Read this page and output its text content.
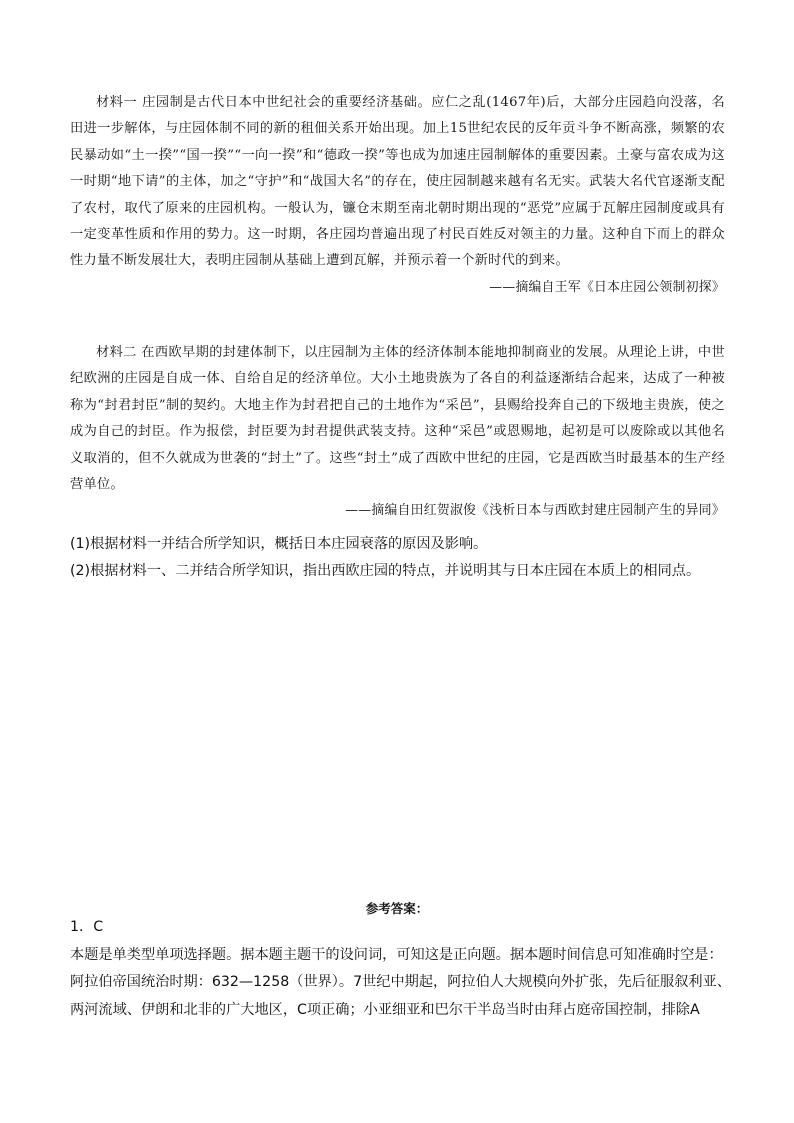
材料一 庄园制是古代日本中世纪社会的重要经济基础。应仁之乱(1467年)后，大部分庄园趋向没落，名田进一步解体，与庄园体制不同的新的租佃关系开始出现。加上15世纪农民的反年贡斗争不断高涨，频繁的农民暴动如“土一揆”“国一揆”“一向一揆”和“德政一揆”等也成为加速庄园制解体的重要因素。土豪与富农成为这一时期“地下请”的主体，加之“守护”和“战国大名”的存在，使庄园制越来越有名无实。武装大名代官逐渐支配了农村，取代了原来的庄园机构。一般认为，镰仓末期至南北朝时期出现的“恶党”应属于瓦解庄园制度或具有一定变革性质和作用的势力。这一时期，各庄园均普遍出现了村民百姓反对领主的力量。这种自下而上的群众性力量不断发展壮大，表明庄园制从基础上遭到瓦解，并预示着一个新时代的到来。

——摘编自王军《日本庄园公领制初探》

材料二 在西欧早期的封建体制下，以庄园制为主体的经济体制本能地抑制商业的发展。从理论上讲，中世纪欧洲的庄园是自成一体、自给自足的经济单位。大小土地贵族为了各自的利益逐渐结合起来，达成了一种被称为“封君封臣”制的契约。大地主作为封君把自己的土地作为“采邑”，县赐给投奔自己的下级地主贵族，使之成为自己的封臣。作为报偿，封臣要为封君提供武装支持。这种“采邑”或恩赐地，起初是可以废除或以其他名义取消的，但不久就成为世袭的“封土”了。这些“封土”成了西欧中世纪的庄园，它是西欧当时最基本的生产经营单位。

——摘编自田红贺淑俊《浅析日本与西欧封建庄园制产生的异同》

(1)根据材料一并结合所学知识，概括日本庄园衰落的原因及影响。

(2)根据材料一、二并结合所学知识，指出西欧庄园的特点，并说明其与日本庄园在本质上的相同点。

参考答案：

1．C

本题是单类型单项选择题。据本题主题干的设问词，可知这是正向题。据本题时间信息可知准确时空是：阿拉伯帝国统治时期：632—1258（世界）。7世纪中期起，阿拉伯人大规模向外扩张，先后征服叙利亚、两河流域、伊朗和北非的广大地区，C项正确；小亚细亚和巴尔干半岛当时由拜占庭帝国控制，排除A
